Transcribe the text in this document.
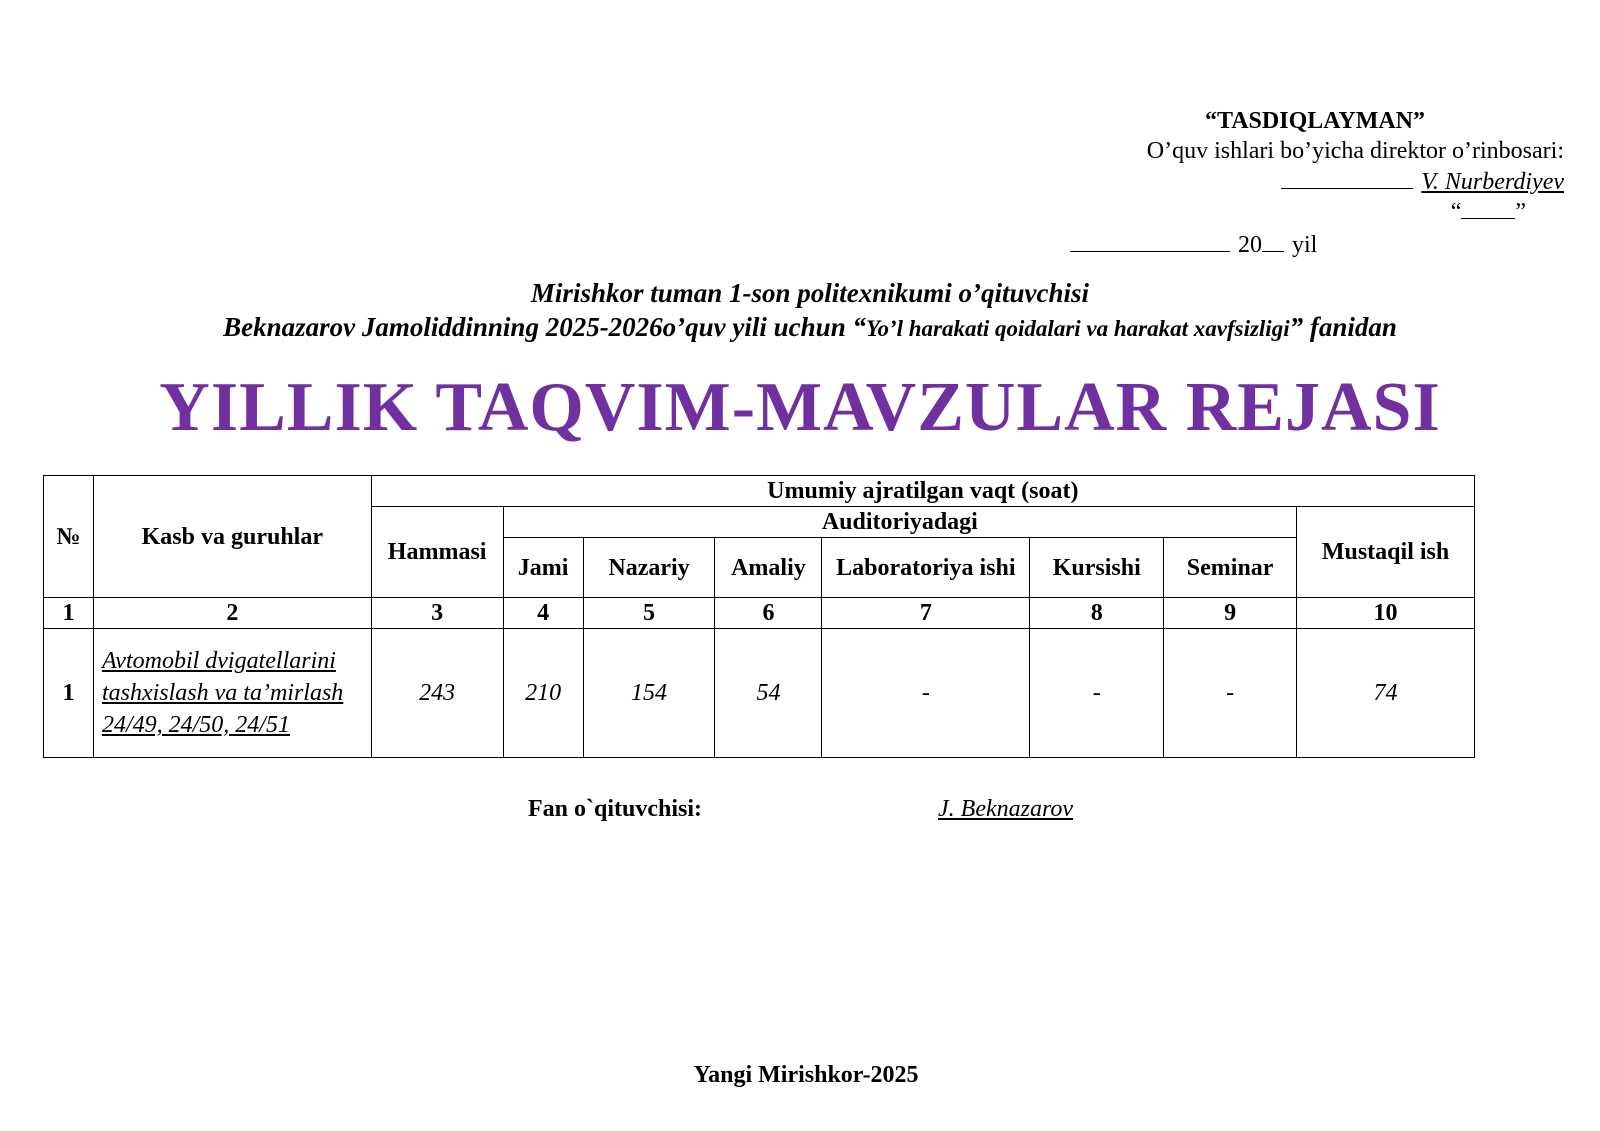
“TASDIQLAYMAN”
O’quv ishlari bo’yicha direktor o’rinbosari:
V. Nurberdiyev
“ ”
20 yil
Mirishkor tuman 1-son politexnikumi o’qituvchisi
Beknazarov Jamoliddinning 2025-2026o’quv yili uchun “Yo’l harakati qoidalari va harakat xavfsizligi” fanidan
YILLIK TAQVIM-MAVZULAR REJASI
№	Kasb va guruhlar	Umumiy ajratilgan vaqt (soat)							
		Hammasi	Auditoriyadagi						Mustaqil ish
			Jami	Nazariy	Amaliy	Laboratoriya ishi	Kursishi	Seminar	
1	2	3	4	5	6	7	8	9	10
1	Avtomobil dvigatellarini tashxislash va ta’mirlash 24/49, 24/50, 24/51	243	210	154	54	-	-	-	74
Fan o`qituvchisi:	J. Beknazarov
Yangi Mirishkor-2025
